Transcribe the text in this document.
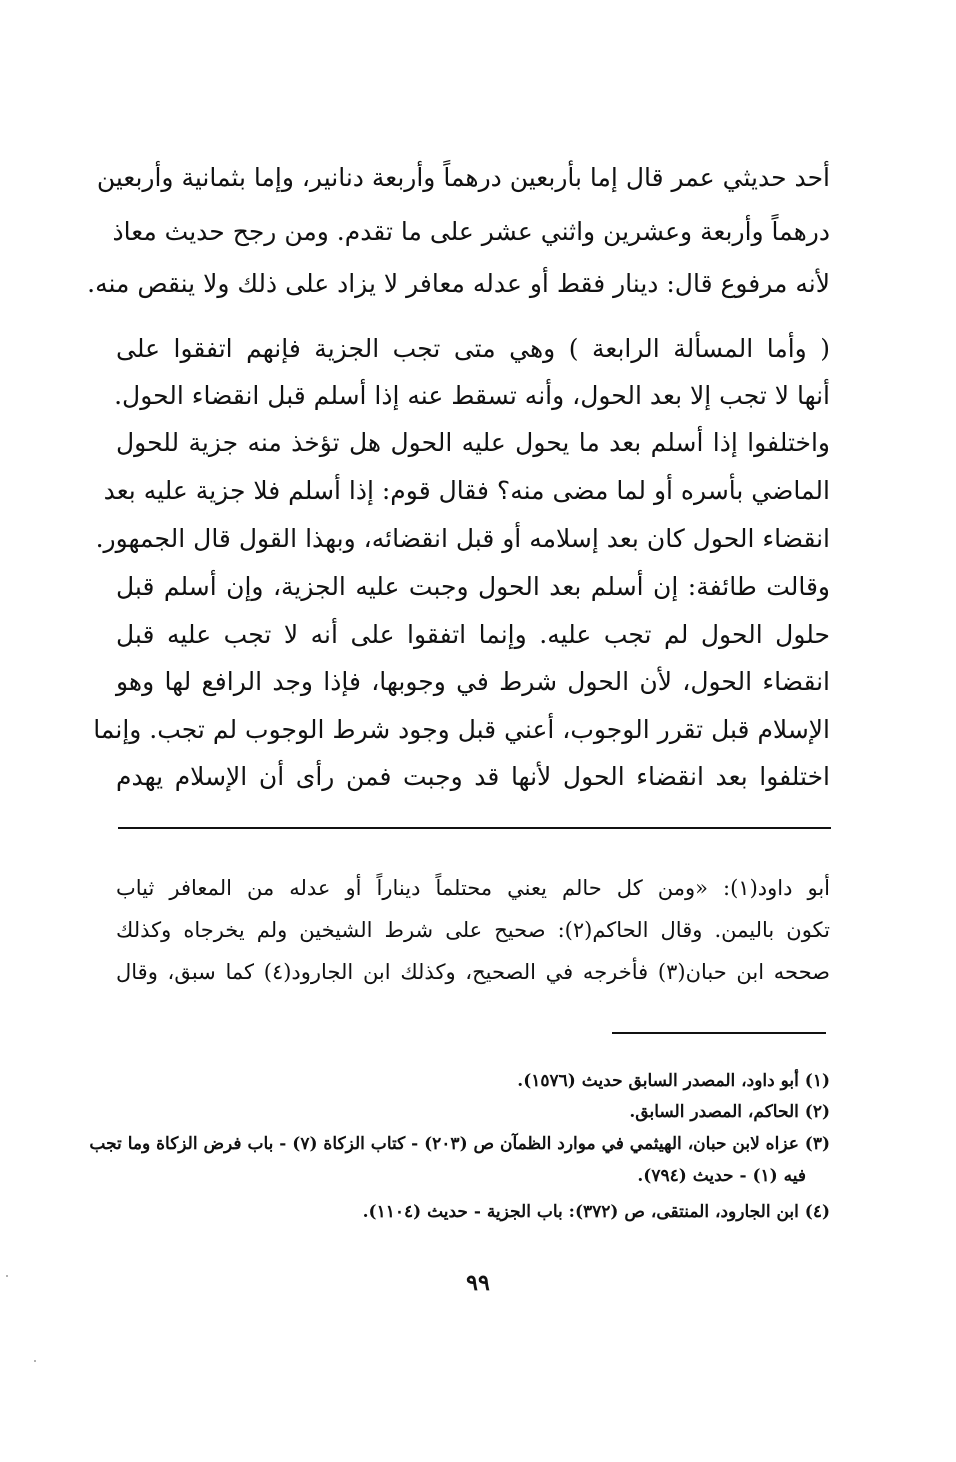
أحد حديثي عمر قال إما بأربعين درهماً وأربعة دنانير، وإما بثمانية وأربعين
درهماً وأربعة وعشرين واثني عشر على ما تقدم. ومن رجح حديث معاذ
لأنه مرفوع قال: دينار فقط أو عدله معافر لا يزاد على ذلك ولا ينقص منه.
( وأما المسألة الرابعة ) وهي متى تجب الجزية فإنهم اتفقوا على
أنها لا تجب إلا بعد الحول، وأنه تسقط عنه إذا أسلم قبل انقضاء الحول.
واختلفوا إذا أسلم بعد ما يحول عليه الحول هل تؤخذ منه جزية للحول
الماضي بأسره أو لما مضى منه؟ فقال قوم: إذا أسلم فلا جزية عليه بعد
انقضاء الحول كان بعد إسلامه أو قبل انقضائه، وبهذا القول قال الجمهور.
وقالت طائفة: إن أسلم بعد الحول وجبت عليه الجزية، وإن أسلم قبل
حلول الحول لم تجب عليه. وإنما اتفقوا على أنه لا تجب عليه قبل
انقضاء الحول، لأن الحول شرط في وجوبها، فإذا وجد الرافع لها وهو
الإسلام قبل تقرر الوجوب، أعني قبل وجود شرط الوجوب لم تجب. وإنما
اختلفوا بعد انقضاء الحول لأنها قد وجبت فمن رأى أن الإسلام يهدم
أبو داود(١): «ومن كل حالم يعني محتلماً ديناراً أو عدله من المعافر ثياب
تكون باليمن. وقال الحاكم(٢): صحيح على شرط الشيخين ولم يخرجاه وكذلك
صححه ابن حبان(٣) فأخرجه في الصحيح، وكذلك ابن الجارود(٤) كما سبق، وقال
(١) أبو داود، المصدر السابق حديث (١٥٧٦).
(٢) الحاكم، المصدر السابق.
(٣) عزاه لابن حبان، الهيثمي في موارد الظمآن ص (٢٠٣) - كتاب الزكاة (٧) - باب فرض الزكاة وما تجب
فيه (١) - حديث (٧٩٤).
(٤) ابن الجارود، المنتقى، ص (٣٧٢): باب الجزية - حديث (١١٠٤).
٩٩
